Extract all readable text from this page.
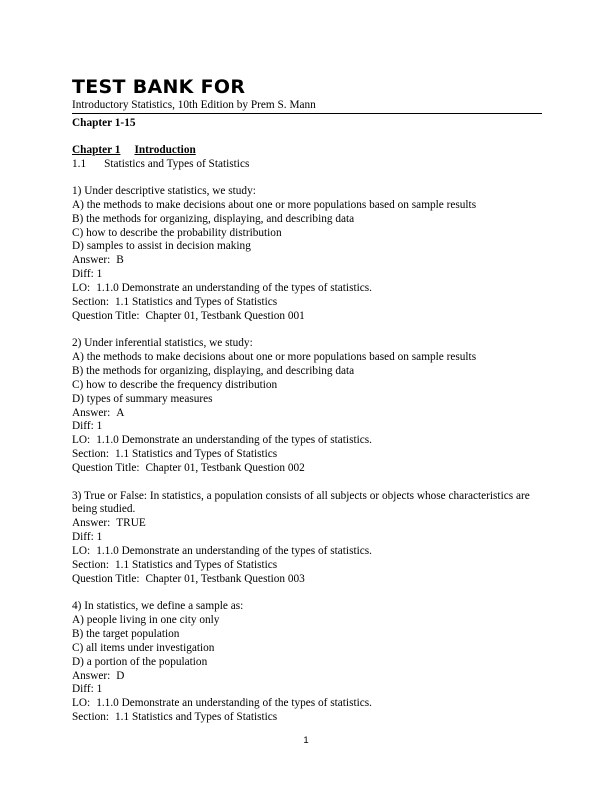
TEST BANK FOR
Introductory Statistics, 10th Edition by Prem S. Mann
Chapter 1-15
Chapter 1 Introduction
1.1 Statistics and Types of Statistics
1) Under descriptive statistics, we study:
A) the methods to make decisions about one or more populations based on sample results
B) the methods for organizing, displaying, and describing data
C) how to describe the probability distribution
D) samples to assist in decision making
Answer: B
Diff: 1
LO: 1.1.0 Demonstrate an understanding of the types of statistics.
Section: 1.1 Statistics and Types of Statistics
Question Title: Chapter 01, Testbank Question 001
2) Under inferential statistics, we study:
A) the methods to make decisions about one or more populations based on sample results
B) the methods for organizing, displaying, and describing data
C) how to describe the frequency distribution
D) types of summary measures
Answer: A
Diff: 1
LO: 1.1.0 Demonstrate an understanding of the types of statistics.
Section: 1.1 Statistics and Types of Statistics
Question Title: Chapter 01, Testbank Question 002
3) True or False: In statistics, a population consists of all subjects or objects whose characteristics are being studied.
Answer: TRUE
Diff: 1
LO: 1.1.0 Demonstrate an understanding of the types of statistics.
Section: 1.1 Statistics and Types of Statistics
Question Title: Chapter 01, Testbank Question 003
4) In statistics, we define a sample as:
A) people living in one city only
B) the target population
C) all items under investigation
D) a portion of the population
Answer: D
Diff: 1
LO: 1.1.0 Demonstrate an understanding of the types of statistics.
Section: 1.1 Statistics and Types of Statistics
1
